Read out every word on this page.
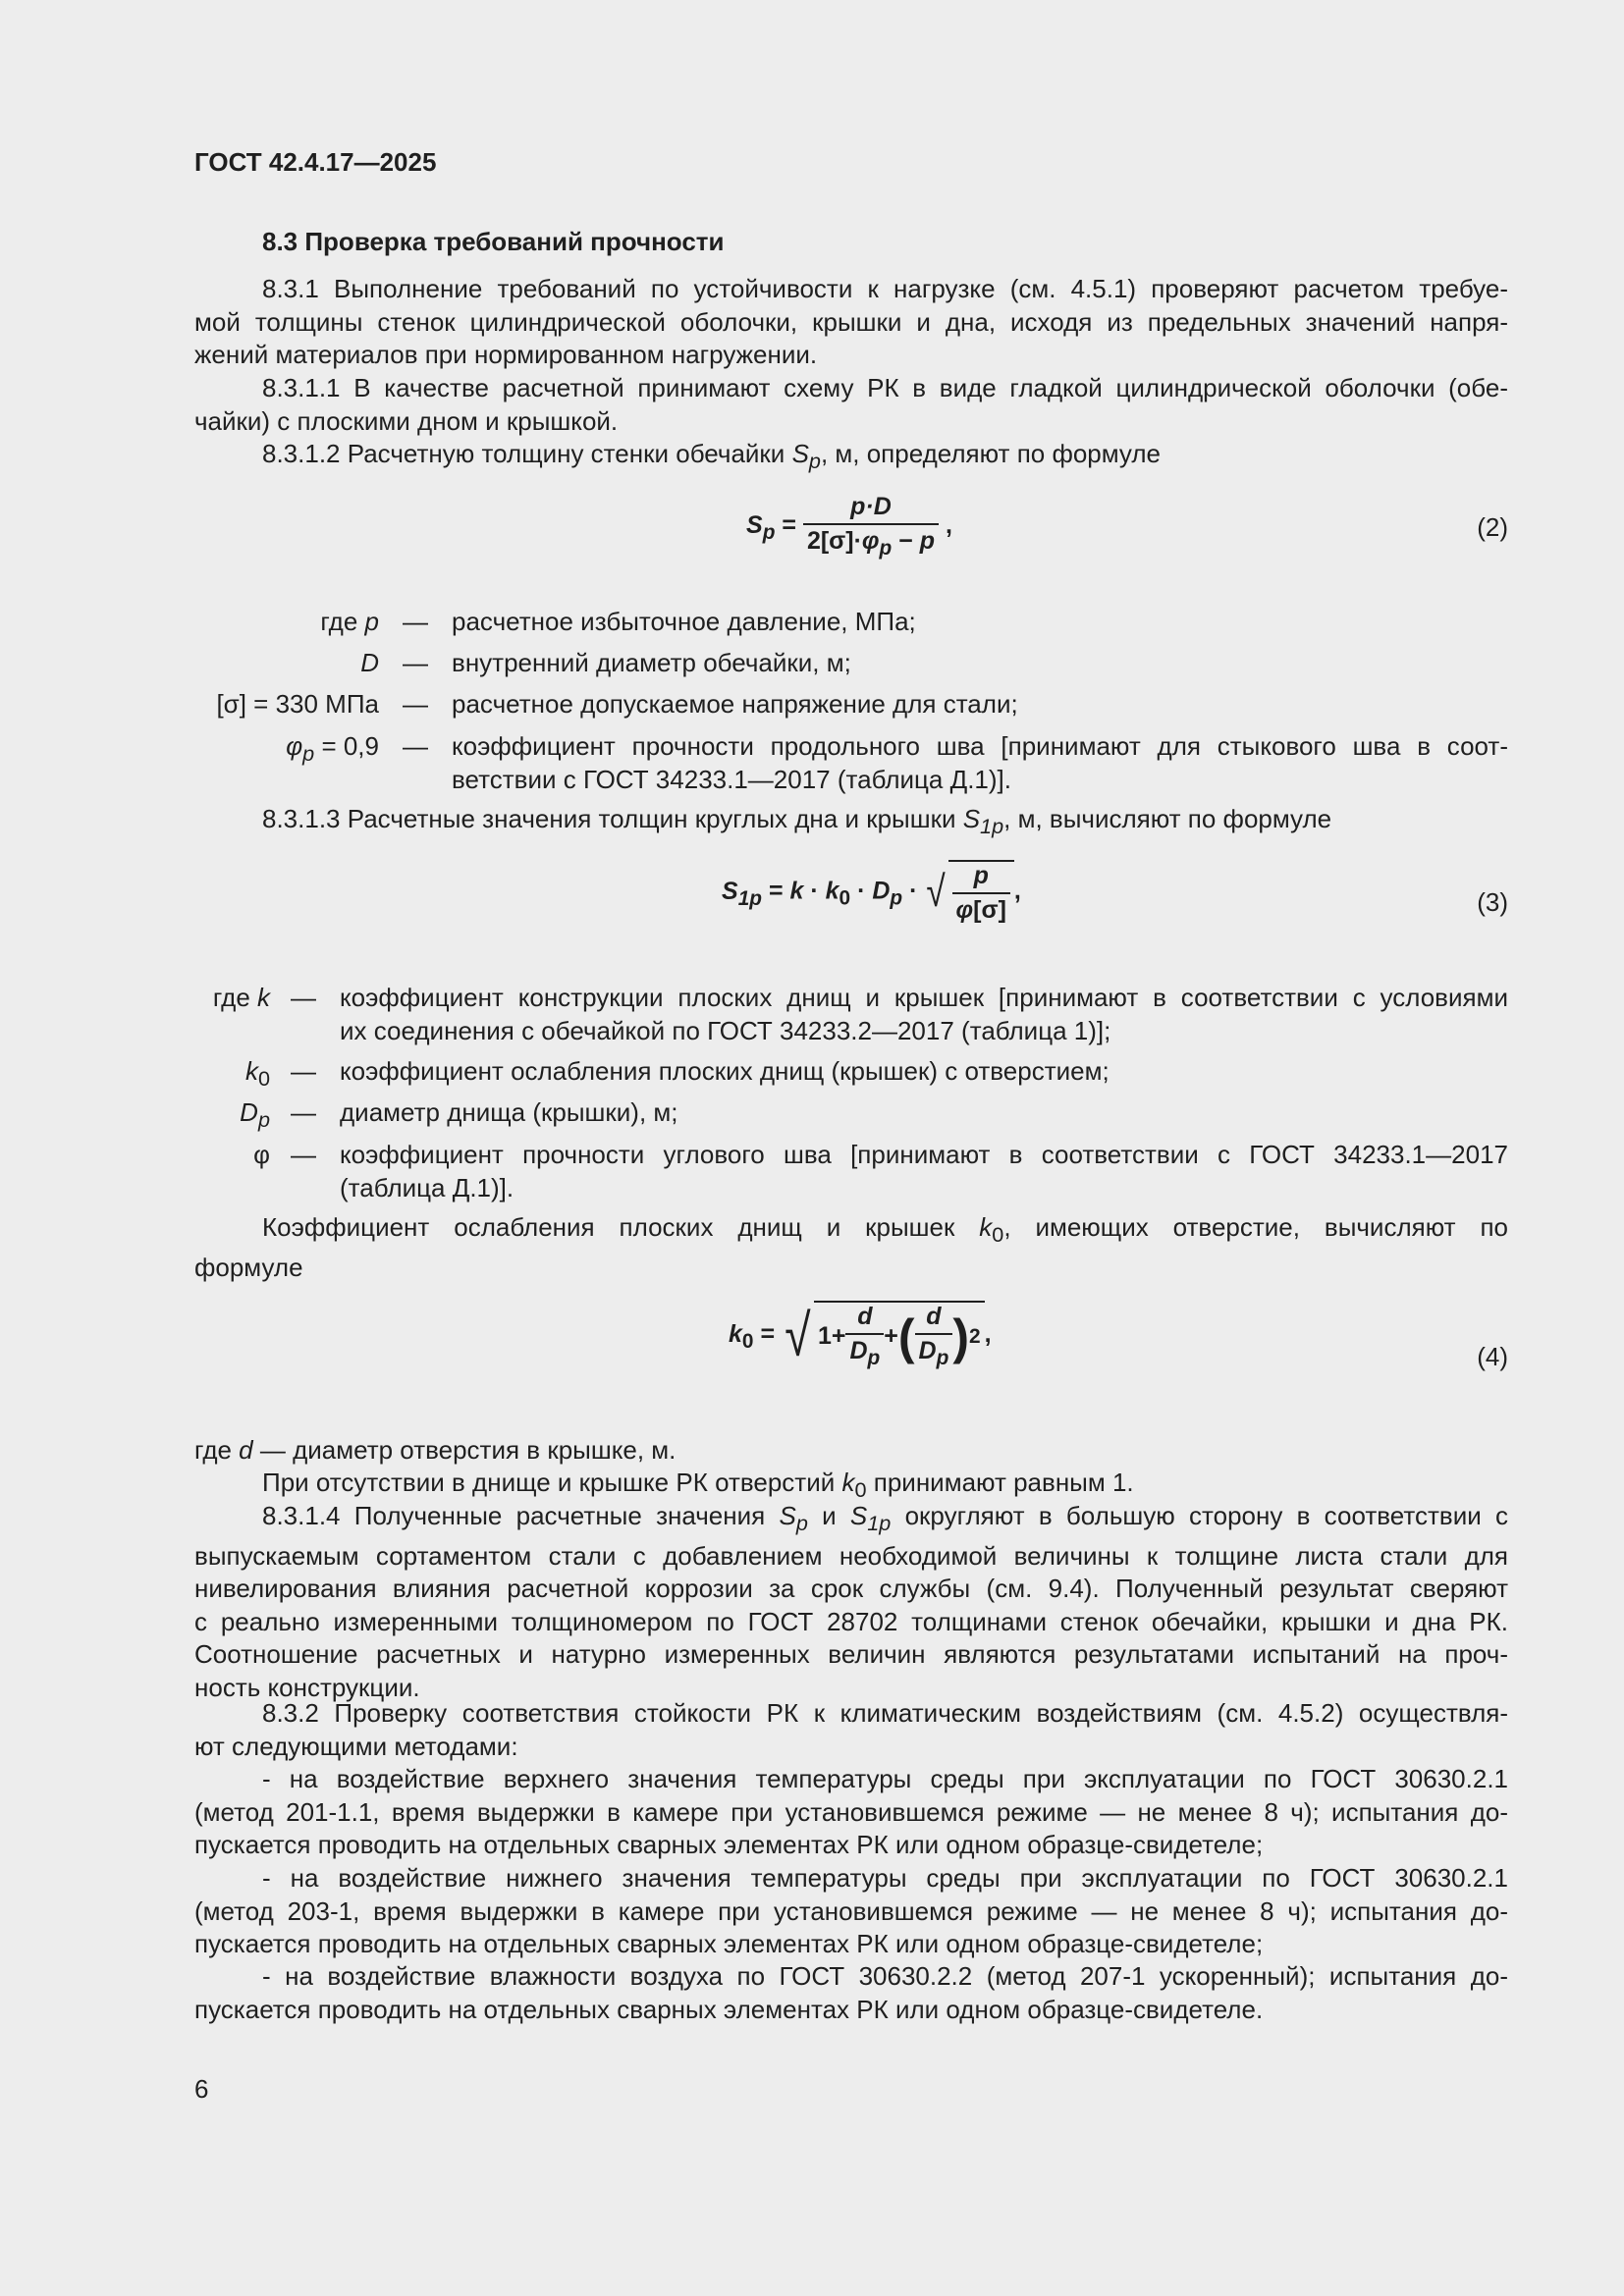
ГОСТ 42.4.17—2025
8.3 Проверка требований прочности
8.3.1 Выполнение требований по устойчивости к нагрузке (см. 4.5.1) проверяют расчетом требуе-
мой толщины стенок цилиндрической оболочки, крышки и дна, исходя из предельных значений напря-
жений материалов при нормированном нагружении.
8.3.1.1 В качестве расчетной принимают схему РК в виде гладкой цилиндрической оболочки (обе-
чайки) с плоскими дном и крышкой.
8.3.1.2 Расчетную толщину стенки обечайки $S_p$, м, определяют по формуле
$S_p = \frac{p\cdot D}{2[\sigma]\cdot\varphi_p - p}$ ,	(2)
где p — расчетное избыточное давление, МПа;
D — внутренний диаметр обечайки, м;
[σ] = 330 МПа — расчетное допускаемое напряжение для стали;
$\varphi_p = 0,9$ — коэффициент прочности продольного шва [принимают для стыкового шва в соот-
ветствии с ГОСТ 34233.1—2017 (таблица Д.1)].
8.3.1.3 Расчетные значения толщин круглых дна и крышки $S_{1p}$, м, вычисляют по формуле
$S_{1p} = k \cdot k_0 \cdot D_p$ · √ $\frac{p}{\varphi[\sigma]}$ ,	(3)
где k — коэффициент конструкции плоских днищ и крышек [принимают в соответствии с условиями
их соединения с обечайкой по ГОСТ 34233.2—2017 (таблица 1)];
$k_0$ — коэффициент ослабления плоских днищ (крышек) с отверстием;
$D_p$ — диаметр днища (крышки), м;
φ — коэффициент прочности углового шва [принимают в соответствии с ГОСТ 34233.1—2017
(таблица Д.1)].
Коэффициент ослабления плоских днищ и крышек $k_0$, имеющих отверстие, вычисляют по
формуле
$k_0$ = √ $1+ \frac{d}{D_p}$ + ( $\frac{d}{D_p}$ ) 2 ,
(4)
где d — диаметр отверстия в крышке, м.
При отсутствии в днище и крышке РК отверстий $k_0$ принимают равным 1.
8.3.1.4 Полученные расчетные значения $S_p$ и $S_{1p}$ округляют в большую сторону в соответствии с
выпускаемым сортаментом стали с добавлением необходимой величины к толщине листа стали для
нивелирования влияния расчетной коррозии за срок службы (см. 9.4). Полученный результат сверяют
с реально измеренными толщиномером по ГОСТ 28702 толщинами стенок обечайки, крышки и дна РК.
Соотношение расчетных и натурно измеренных величин являются результатами испытаний на проч-
ность конструкции.
8.3.2 Проверку соответствия стойкости РК к климатическим воздействиям (см. 4.5.2) осуществля-
ют следующими методами:
- на воздействие верхнего значения температуры среды при эксплуатации по ГОСТ 30630.2.1
(метод 201-1.1, время выдержки в камере при установившемся режиме — не менее 8 ч); испытания до-
пускается проводить на отдельных сварных элементах РК или одном образце-свидетеле;
- на воздействие нижнего значения температуры среды при эксплуатации по ГОСТ 30630.2.1
(метод 203-1, время выдержки в камере при установившемся режиме — не менее 8 ч); испытания до-
пускается проводить на отдельных сварных элементах РК или одном образце-свидетеле;
- на воздействие влажности воздуха по ГОСТ 30630.2.2 (метод 207-1 ускоренный); испытания до-
пускается проводить на отдельных сварных элементах РК или одном образце-свидетеле.
6
